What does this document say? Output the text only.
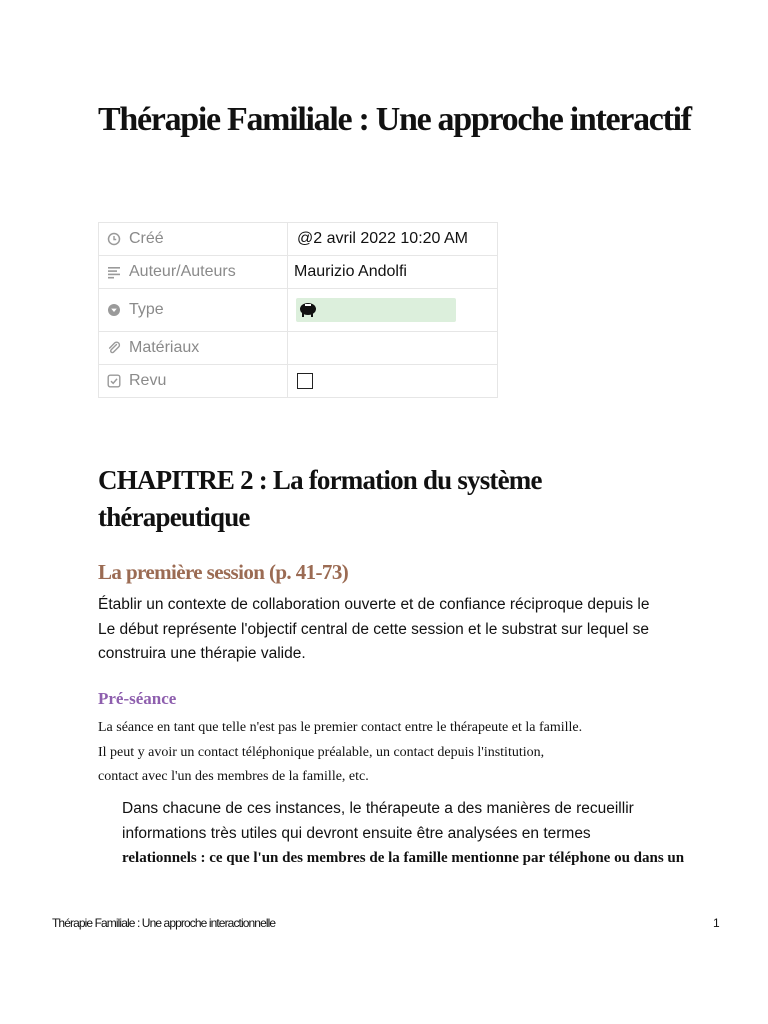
Thérapie Familiale : Une approche interactif
Créé	@2 avril 2022 10:20 AM

Auteur/Auteurs	Maurizio Andolfi

Type

Matériaux	

Revu	

CHAPITRE 2 : La formation du système thérapeutique
La première session (p. 41-73)

Établir un contexte de collaboration ouverte et de confiance réciproque depuis le
Le début représente l'objectif central de cette session et le substrat sur lequel se
construira une thérapie valide.

Pré-séance

La séance en tant que telle n'est pas le premier contact entre le thérapeute et la famille.
Il peut y avoir un contact téléphonique préalable, un contact depuis l'institution,
contact avec l'un des membres de la famille, etc.

Dans chacune de ces instances, le thérapeute a des manières de recueillir
informations très utiles qui devront ensuite être analysées en termes
relationnels : ce que l'un des membres de la famille mentionne par téléphone ou dans un

Thérapie Familiale : Une approche interactionnelle	1
